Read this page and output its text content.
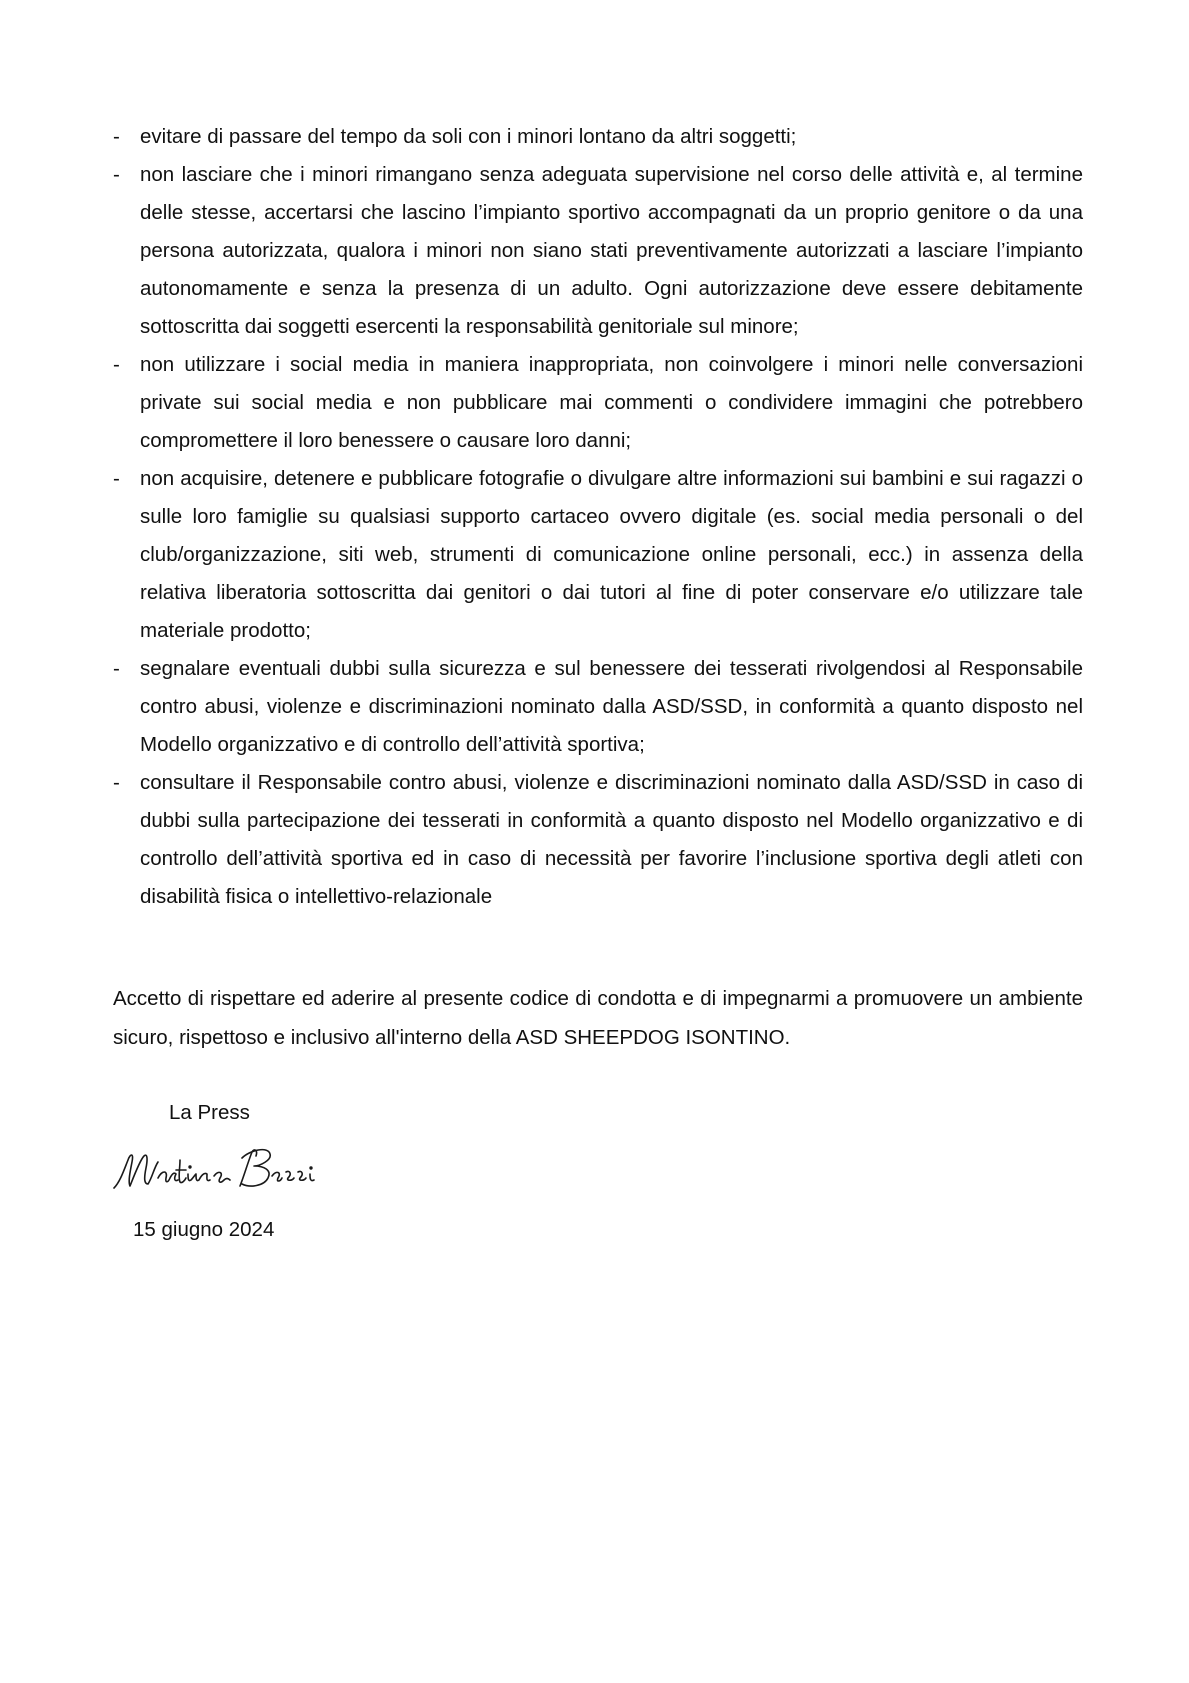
- evitare di passare del tempo da soli con i minori lontano da altri soggetti;
- non lasciare che i minori rimangano senza adeguata supervisione nel corso delle attività e, al termine delle stesse, accertarsi che lascino l’impianto sportivo accompagnati da un proprio genitore o da una persona autorizzata, qualora i minori non siano stati preventivamente autorizzati a lasciare l’impianto autonomamente e senza la presenza di un adulto. Ogni autorizzazione deve essere debitamente sottoscritta dai soggetti esercenti la responsabilità genitoriale sul minore;
- non utilizzare i social media in maniera inappropriata, non coinvolgere i minori nelle conversazioni private sui social media e non pubblicare mai commenti o condividere immagini che potrebbero compromettere il loro benessere o causare loro danni;
- non acquisire, detenere e pubblicare fotografie o divulgare altre informazioni sui bambini e sui ragazzi o sulle loro famiglie su qualsiasi supporto cartaceo ovvero digitale (es. social media personali o del club/organizzazione, siti web, strumenti di comunicazione online personali, ecc.) in assenza della relativa liberatoria sottoscritta dai genitori o dai tutori al fine di poter conservare e/o utilizzare tale materiale prodotto;
- segnalare eventuali dubbi sulla sicurezza e sul benessere dei tesserati rivolgendosi al Responsabile contro abusi, violenze e discriminazioni nominato dalla ASD/SSD, in conformità a quanto disposto nel Modello organizzativo e di controllo dell’attività sportiva;
- consultare il Responsabile contro abusi, violenze e discriminazioni nominato dalla ASD/SSD in caso di dubbi sulla partecipazione dei tesserati in conformità a quanto disposto nel Modello organizzativo e di controllo dell’attività sportiva ed in caso di necessità per favorire l’inclusione sportiva degli atleti con disabilità fisica o intellettivo-relazionale

Accetto di rispettare ed aderire al presente codice di condotta e di impegnarmi a promuovere un ambiente sicuro, rispettoso e inclusivo all'interno della ASD SHEEPDOG ISONTINO.

La Press
15 giugno 2024
